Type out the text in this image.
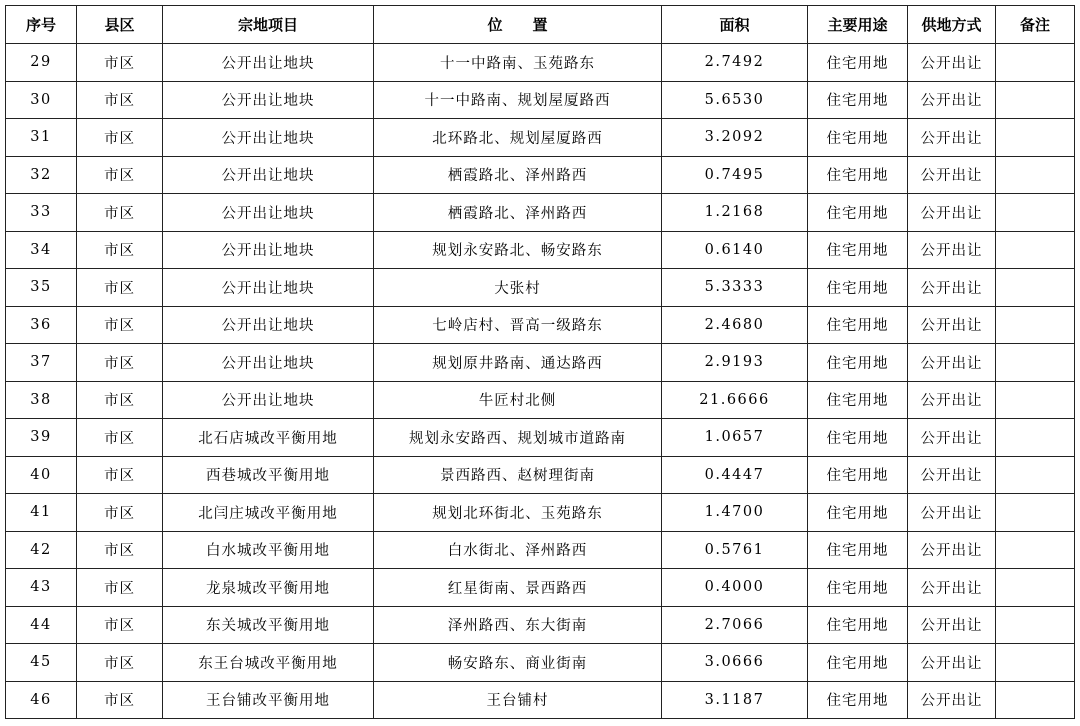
序号	县区	宗地项目	位　　置	面积	主要用途	供地方式	备注
29	市区	公开出让地块	十一中路南、玉苑路东	2.7492	住宅用地	公开出让	
30	市区	公开出让地块	十一中路南、规划屋厦路西	5.6530	住宅用地	公开出让	
31	市区	公开出让地块	北环路北、规划屋厦路西	3.2092	住宅用地	公开出让	
32	市区	公开出让地块	栖霞路北、泽州路西	0.7495	住宅用地	公开出让	
33	市区	公开出让地块	栖霞路北、泽州路西	1.2168	住宅用地	公开出让	
34	市区	公开出让地块	规划永安路北、畅安路东	0.6140	住宅用地	公开出让	
35	市区	公开出让地块	大张村	5.3333	住宅用地	公开出让	
36	市区	公开出让地块	七岭店村、晋高一级路东	2.4680	住宅用地	公开出让	
37	市区	公开出让地块	规划原井路南、通达路西	2.9193	住宅用地	公开出让	
38	市区	公开出让地块	牛匠村北侧	21.6666	住宅用地	公开出让	
39	市区	北石店城改平衡用地	规划永安路西、规划城市道路南	1.0657	住宅用地	公开出让	
40	市区	西巷城改平衡用地	景西路西、赵树理街南	0.4447	住宅用地	公开出让	
41	市区	北闫庄城改平衡用地	规划北环街北、玉苑路东	1.4700	住宅用地	公开出让	
42	市区	白水城改平衡用地	白水街北、泽州路西	0.5761	住宅用地	公开出让	
43	市区	龙泉城改平衡用地	红星街南、景西路西	0.4000	住宅用地	公开出让	
44	市区	东关城改平衡用地	泽州路西、东大街南	2.7066	住宅用地	公开出让	
45	市区	东王台城改平衡用地	畅安路东、商业街南	3.0666	住宅用地	公开出让	
46	市区	王台铺改平衡用地	王台铺村	3.1187	住宅用地	公开出让	
